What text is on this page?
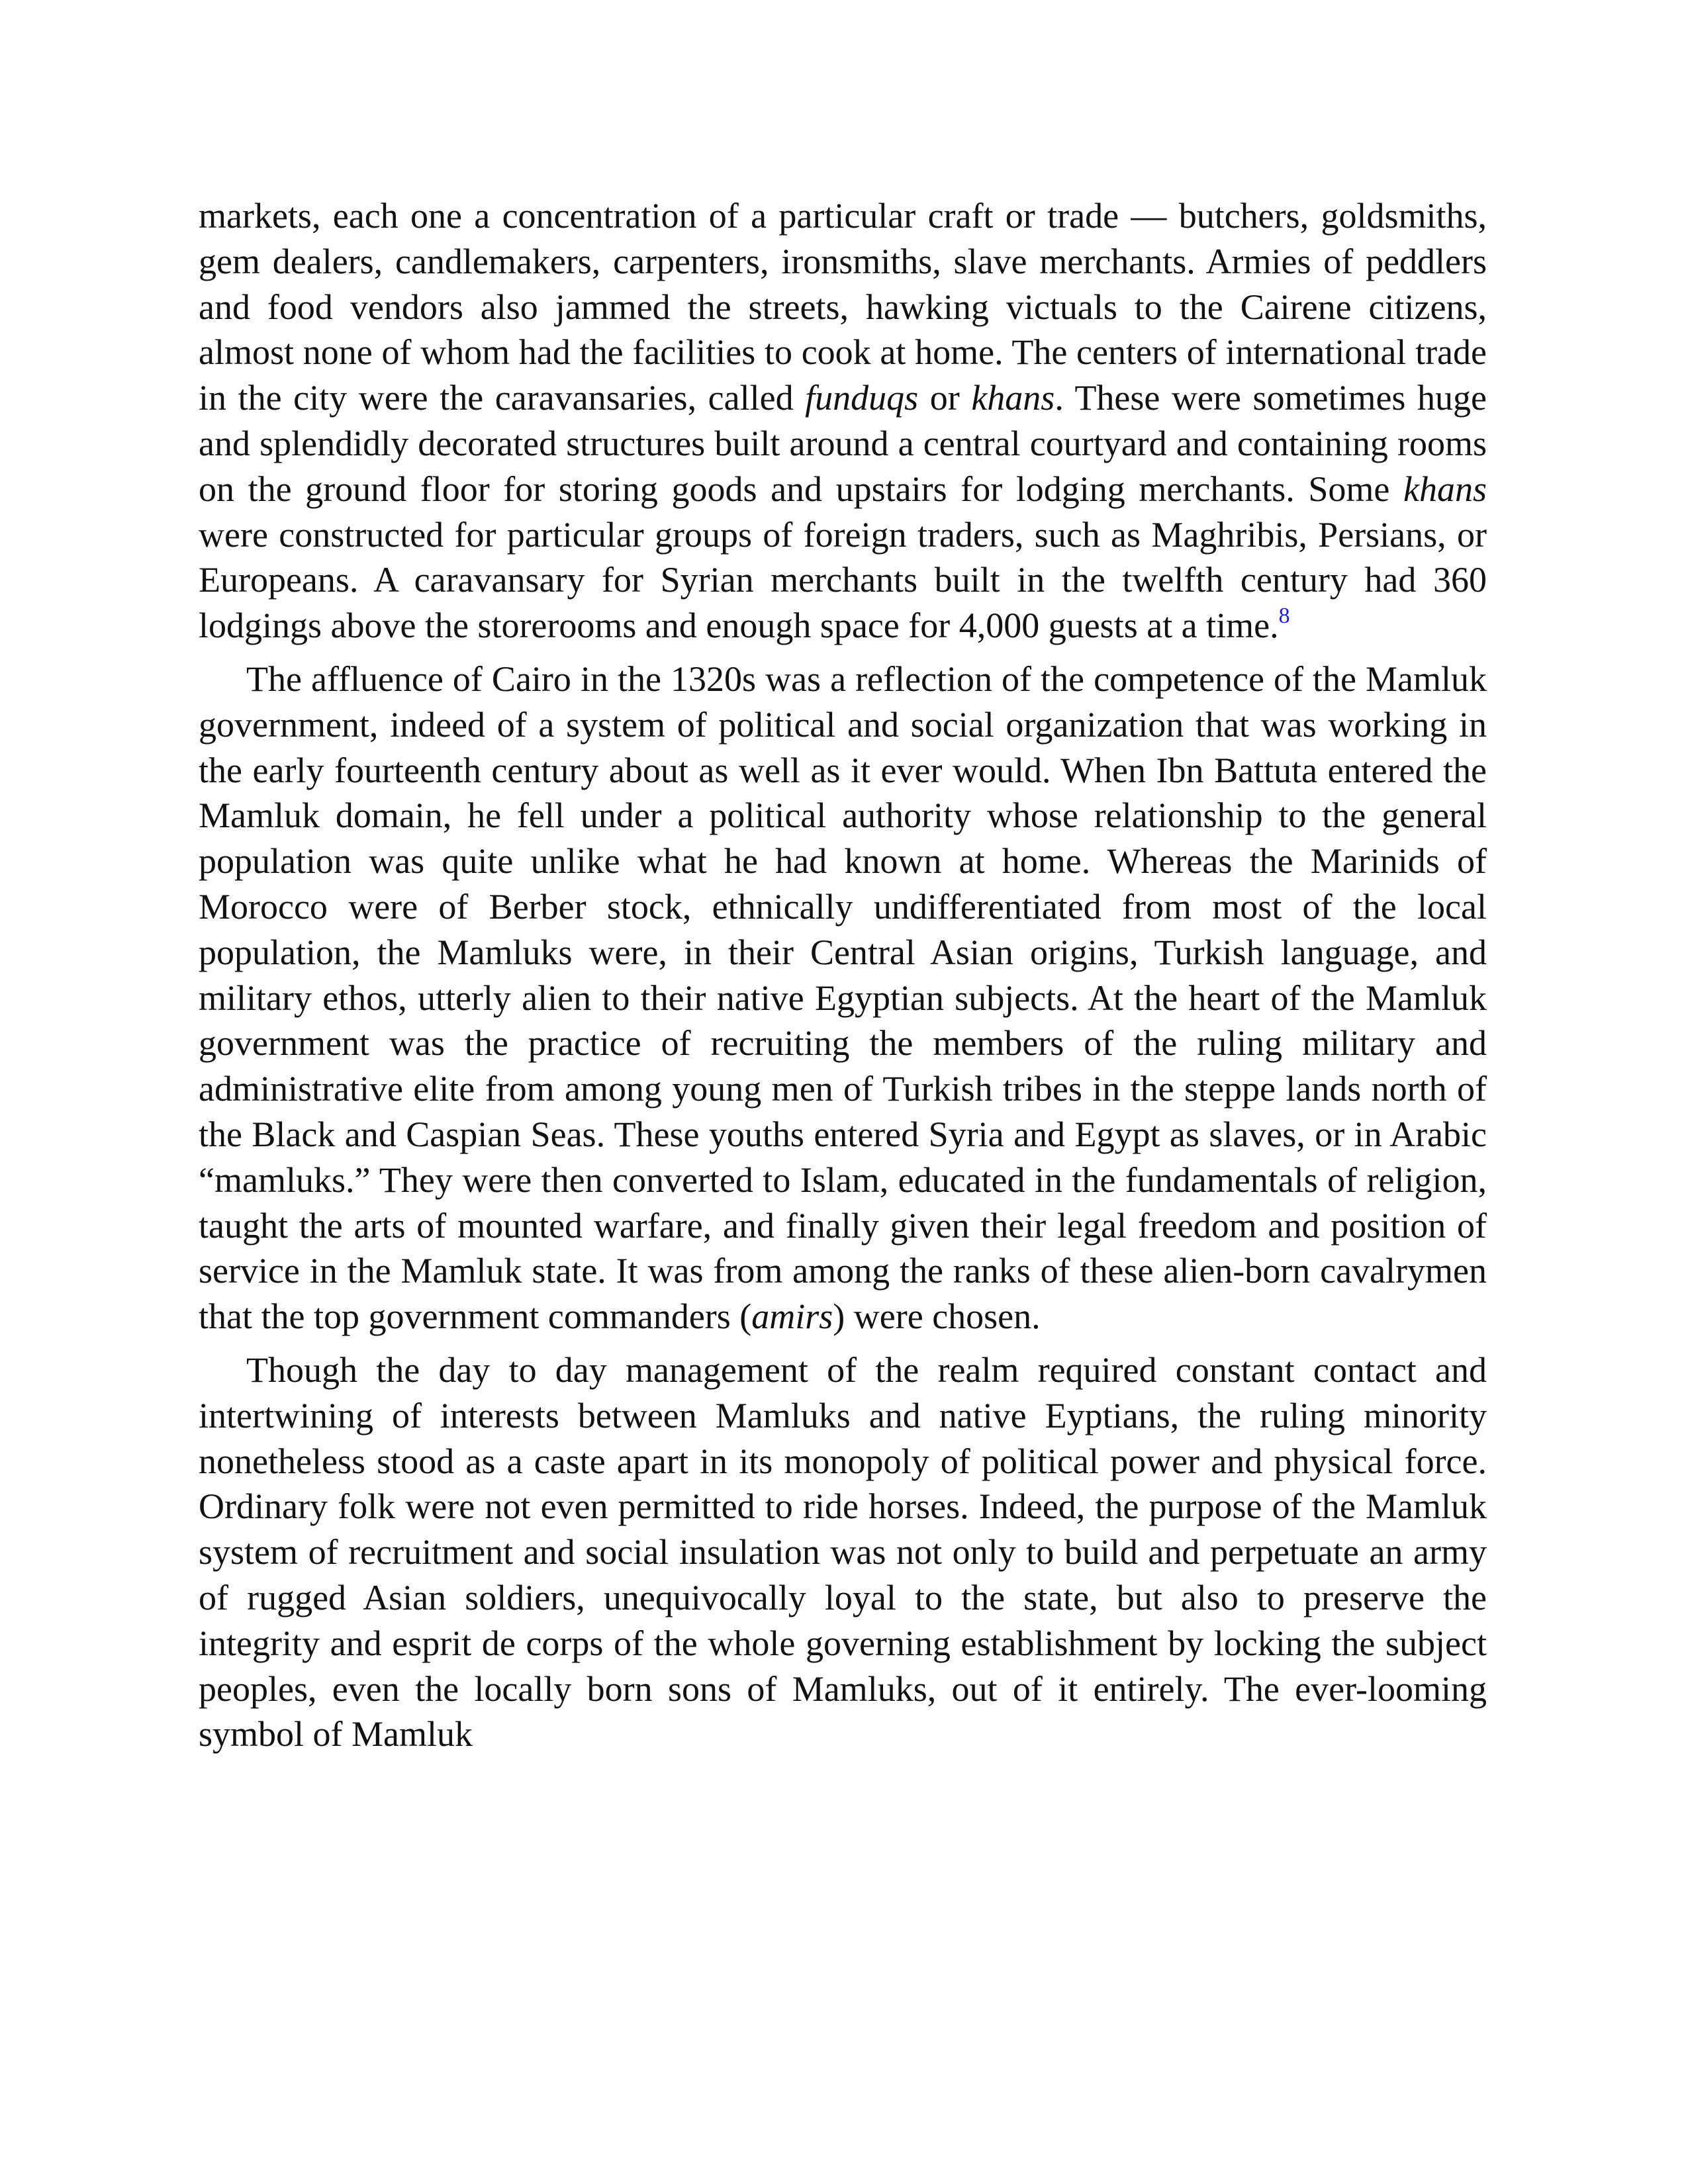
markets, each one a concentration of a particular craft or trade — butchers, goldsmiths, gem dealers, candlemakers, carpenters, ironsmiths, slave merchants. Armies of peddlers and food vendors also jammed the streets, hawking victuals to the Cairene citizens, almost none of whom had the facilities to cook at home. The centers of international trade in the city were the caravansaries, called funduqs or khans. These were sometimes huge and splendidly decorated structures built around a central courtyard and containing rooms on the ground floor for storing goods and upstairs for lodging merchants. Some khans were constructed for particular groups of foreign traders, such as Maghribis, Persians, or Europeans. A caravansary for Syrian merchants built in the twelfth century had 360 lodgings above the storerooms and enough space for 4,000 guests at a time.$^8$

The affluence of Cairo in the 1320s was a reflection of the competence of the Mamluk government, indeed of a system of political and social organization that was working in the early fourteenth century about as well as it ever would. When Ibn Battuta entered the Mamluk domain, he fell under a political authority whose relationship to the general population was quite unlike what he had known at home. Whereas the Marinids of Morocco were of Berber stock, ethnically undifferentiated from most of the local population, the Mamluks were, in their Central Asian origins, Turkish language, and military ethos, utterly alien to their native Egyptian subjects. At the heart of the Mamluk government was the practice of recruiting the members of the ruling military and administrative elite from among young men of Turkish tribes in the steppe lands north of the Black and Caspian Seas. These youths entered Syria and Egypt as slaves, or in Arabic “mamluks.” They were then converted to Islam, educated in the fundamentals of religion, taught the arts of mounted warfare, and finally given their legal freedom and position of service in the Mamluk state. It was from among the ranks of these alien-born cavalrymen that the top government commanders (amirs) were chosen.

Though the day to day management of the realm required constant contact and intertwining of interests between Mamluks and native Eyptians, the ruling minority nonetheless stood as a caste apart in its monopoly of political power and physical force. Ordinary folk were not even permitted to ride horses. Indeed, the purpose of the Mamluk system of recruitment and social insulation was not only to build and perpetuate an army of rugged Asian soldiers, unequivocally loyal to the state, but also to preserve the integrity and esprit de corps of the whole governing establishment by locking the subject peoples, even the locally born sons of Mamluks, out of it entirely. The ever-looming symbol of Mamluk
